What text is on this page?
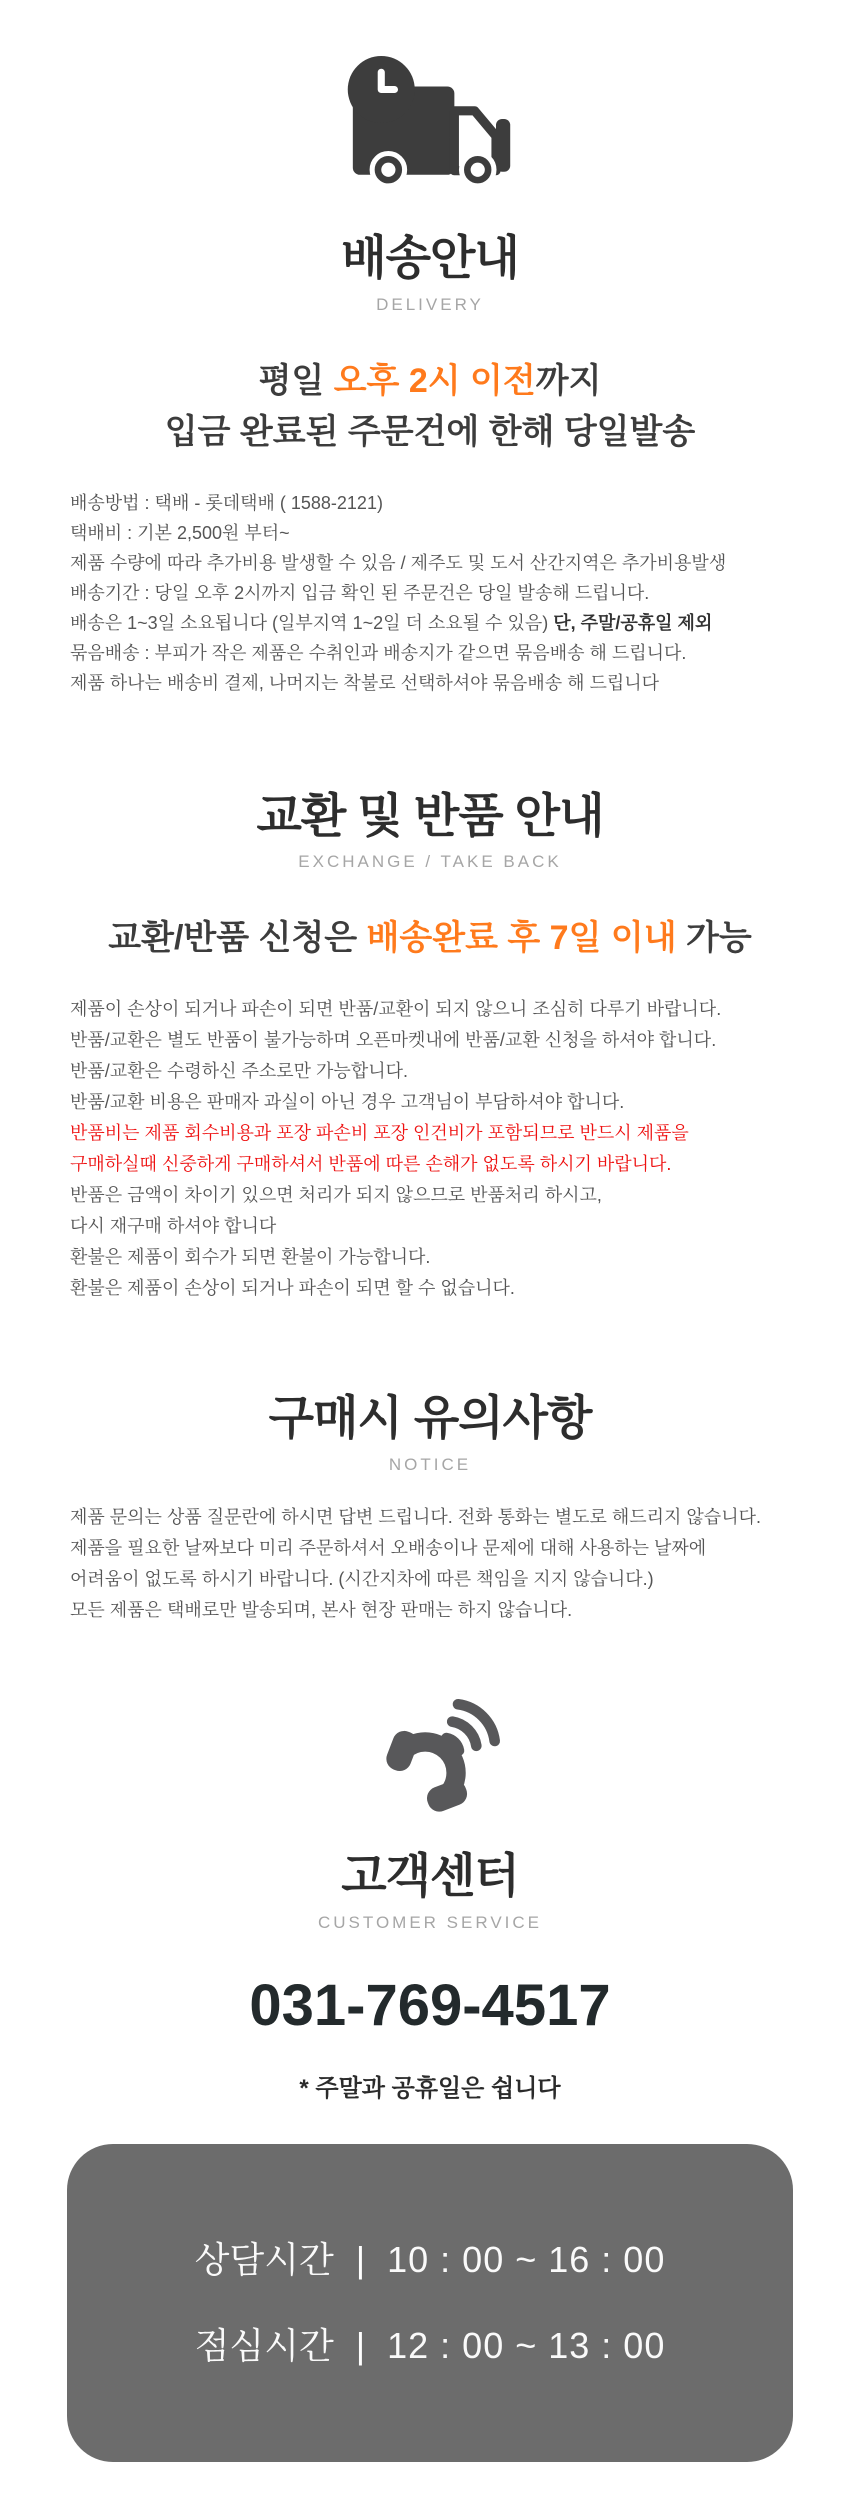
배송안내
DELIVERY
평일 오후 2시 이전까지
입금 완료된 주문건에 한해 당일발송

배송방법 : 택배 - 롯데택배 ( 1588-2121)

택배비 : 기본 2,500원 부터~

제품 수량에 따라 추가비용 발생할 수 있음 / 제주도 및 도서 산간지역은 추가비용발생

배송기간 : 당일 오후 2시까지 입금 확인 된 주문건은 당일 발송해 드립니다.

배송은 1~3일 소요됩니다 (일부지역 1~2일 더 소요될 수 있음) 단, 주말/공휴일 제외

묶음배송 : 부피가 작은 제품은 수취인과 배송지가 같으면 묶음배송 해 드립니다.

제품 하나는 배송비 결제, 나머지는 착불로 선택하셔야 묶음배송 해 드립니다

교환 및 반품 안내
EXCHANGE / TAKE BACK
교환/반품 신청은 배송완료 후 7일 이내 가능

제품이 손상이 되거나 파손이 되면 반품/교환이 되지 않으니 조심히 다루기 바랍니다.

반품/교환은 별도 반품이 불가능하며 오픈마켓내에 반품/교환 신청을 하셔야 합니다.

반품/교환은 수령하신 주소로만 가능합니다.

반품/교환 비용은 판매자 과실이 아닌 경우 고객님이 부담하셔야 합니다.

반품비는 제품 회수비용과 포장 파손비 포장 인건비가 포함되므로 반드시 제품을

구매하실때 신중하게 구매하셔서 반품에 따른 손해가 없도록 하시기 바랍니다.

반품은 금액이 차이기 있으면 처리가 되지 않으므로 반품처리 하시고,

다시 재구매 하셔야 합니다

환불은 제품이 회수가 되면 환불이 가능합니다.

환불은 제품이 손상이 되거나 파손이 되면 할 수 없습니다.

구매시 유의사항
NOTICE

제품 문의는 상품 질문란에 하시면 답변 드립니다. 전화 통화는 별도로 해드리지 않습니다.

제품을 필요한 날짜보다 미리 주문하셔서 오배송이나 문제에 대해 사용하는 날짜에

어려움이 없도록 하시기 바랍니다. (시간지차에 따른 책임을 지지 않습니다.)

모든 제품은 택배로만 발송되며, 본사 현장 판매는 하지 않습니다.

고객센터
CUSTOMER SERVICE
031-769-4517
* 주말과 공휴일은 쉽니다
상담시간 | 10 : 00 ~ 16 : 00
점심시간 | 12 : 00 ~ 13 : 00
